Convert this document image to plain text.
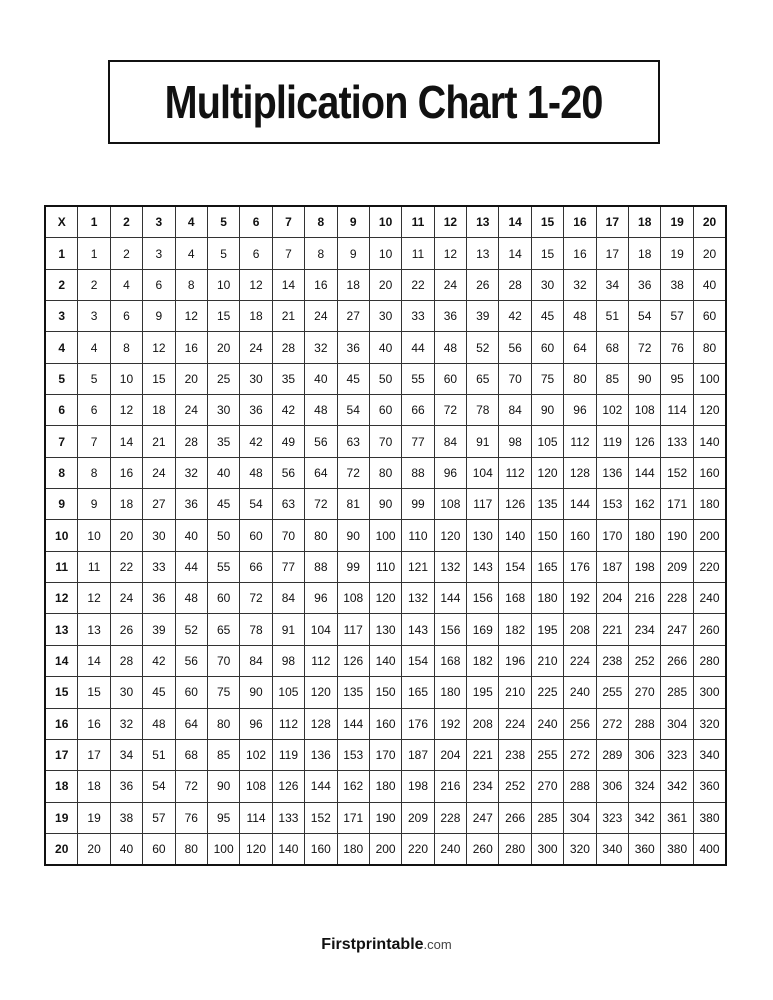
Multiplication Chart 1-20
X	1	2	3	4	5	6	7	8	9	10	11	12	13	14	15	16	17	18	19	20
1	1	2	3	4	5	6	7	8	9	10	11	12	13	14	15	16	17	18	19	20
2	2	4	6	8	10	12	14	16	18	20	22	24	26	28	30	32	34	36	38	40
3	3	6	9	12	15	18	21	24	27	30	33	36	39	42	45	48	51	54	57	60
4	4	8	12	16	20	24	28	32	36	40	44	48	52	56	60	64	68	72	76	80
5	5	10	15	20	25	30	35	40	45	50	55	60	65	70	75	80	85	90	95	100
6	6	12	18	24	30	36	42	48	54	60	66	72	78	84	90	96	102	108	114	120
7	7	14	21	28	35	42	49	56	63	70	77	84	91	98	105	112	119	126	133	140
8	8	16	24	32	40	48	56	64	72	80	88	96	104	112	120	128	136	144	152	160
9	9	18	27	36	45	54	63	72	81	90	99	108	117	126	135	144	153	162	171	180
10	10	20	30	40	50	60	70	80	90	100	110	120	130	140	150	160	170	180	190	200
11	11	22	33	44	55	66	77	88	99	110	121	132	143	154	165	176	187	198	209	220
12	12	24	36	48	60	72	84	96	108	120	132	144	156	168	180	192	204	216	228	240
13	13	26	39	52	65	78	91	104	117	130	143	156	169	182	195	208	221	234	247	260
14	14	28	42	56	70	84	98	112	126	140	154	168	182	196	210	224	238	252	266	280
15	15	30	45	60	75	90	105	120	135	150	165	180	195	210	225	240	255	270	285	300
16	16	32	48	64	80	96	112	128	144	160	176	192	208	224	240	256	272	288	304	320
17	17	34	51	68	85	102	119	136	153	170	187	204	221	238	255	272	289	306	323	340
18	18	36	54	72	90	108	126	144	162	180	198	216	234	252	270	288	306	324	342	360
19	19	38	57	76	95	114	133	152	171	190	209	228	247	266	285	304	323	342	361	380
20	20	40	60	80	100	120	140	160	180	200	220	240	260	280	300	320	340	360	380	400
Firstprintable.com
